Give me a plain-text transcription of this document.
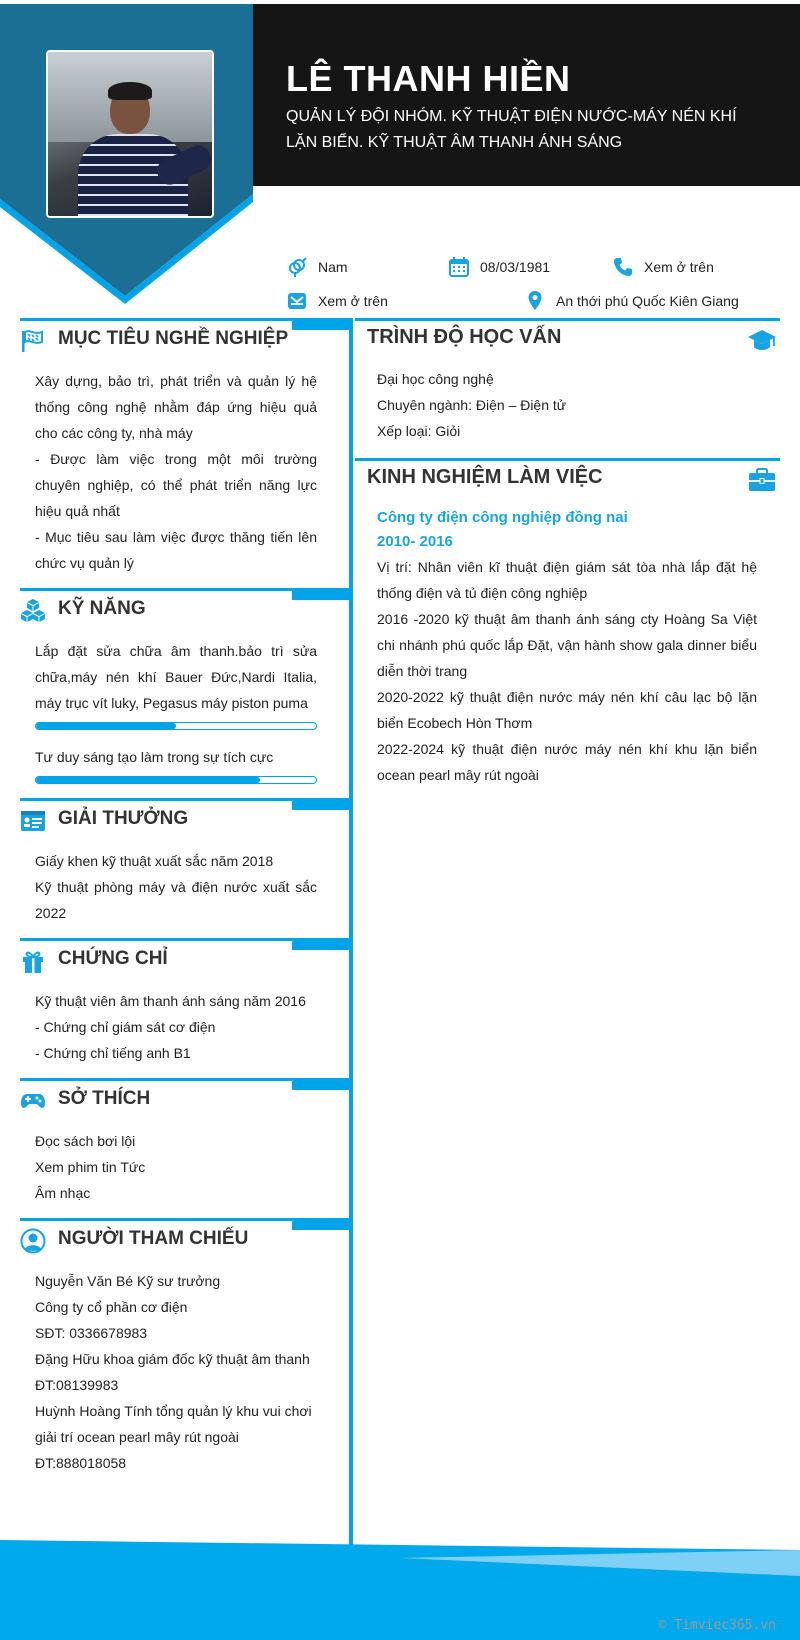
LÊ THANH HIỀN
QUẢN LÝ ĐỘI NHÓM. KỸ THUẬT ĐIỆN NƯỚC-MÁY NÉN KHÍ LẶN BIỂN. KỸ THUẬT ÂM THANH ÁNH SÁNG
Nam	08/03/1981	Xem ở trên
Xem ở trên	An thới phú Quốc Kiên Giang
MỤC TIÊU NGHỀ NGHIỆP
Xây dựng, bảo trì, phát triển và quản lý hệ thống công nghệ nhằm đáp ứng hiệu quả cho các công ty, nhà máy
- Được làm việc trong một môi trường chuyên nghiệp, có thể phát triển năng lực hiệu quả nhất
- Mục tiêu sau làm việc được thăng tiến lên chức vụ quản lý
KỸ NĂNG
Lắp đặt sửa chữa âm thanh.bảo trì sửa chữa,máy nén khí Bauer Đức,Nardi Italia, máy trục vít luky, Pegasus máy piston puma
Tư duy sáng tạo làm trong sự tích cực
GIẢI THƯỞNG
Giấy khen kỹ thuật xuất sắc năm 2018
Kỹ thuật phòng máy và điện nước xuất sắc 2022
CHỨNG CHỈ
Kỹ thuật viên âm thanh ánh sáng năm 2016
- Chứng chỉ giám sát cơ điện
- Chứng chỉ tiếng anh B1
SỞ THÍCH
Đọc sách bơi lội
Xem phim tin Tức
Âm nhạc
NGƯỜI THAM CHIẾU
Nguyễn Văn Bé Kỹ sư trưởng
Công ty cổ phần cơ điện
SĐT: 0336678983
Đặng Hữu khoa giám đốc kỹ thuật âm thanh
ĐT:08139983
Huỳnh Hoàng Tính tổng quản lý khu vui chơi giải trí ocean pearl mây rút ngoài
ĐT:888018058
TRÌNH ĐỘ HỌC VẤN
Đại học công nghệ
Chuyên ngành: Điện – Điện tử
Xếp loại: Giỏi
KINH NGHIỆM LÀM VIỆC
Công ty điện công nghiệp đồng nai
2010- 2016
Vị trí: Nhân viên kĩ thuật điện giám sát tòa nhà lắp đặt hệ thống điện và tủ điện công nghiệp
2016 -2020 kỹ thuật âm thanh ánh sáng cty Hoàng Sa Việt chi nhánh phú quốc lắp Đặt, vận hành show gala dinner biểu diễn thời trang
2020-2022 kỹ thuật điện nước máy nén khí câu lạc bộ lặn biển Ecobech Hòn Thơm
2022-2024 kỹ thuật điện nước máy nén khí khu lặn biển ocean pearl mây rút ngoài
© Timviec365.vn
